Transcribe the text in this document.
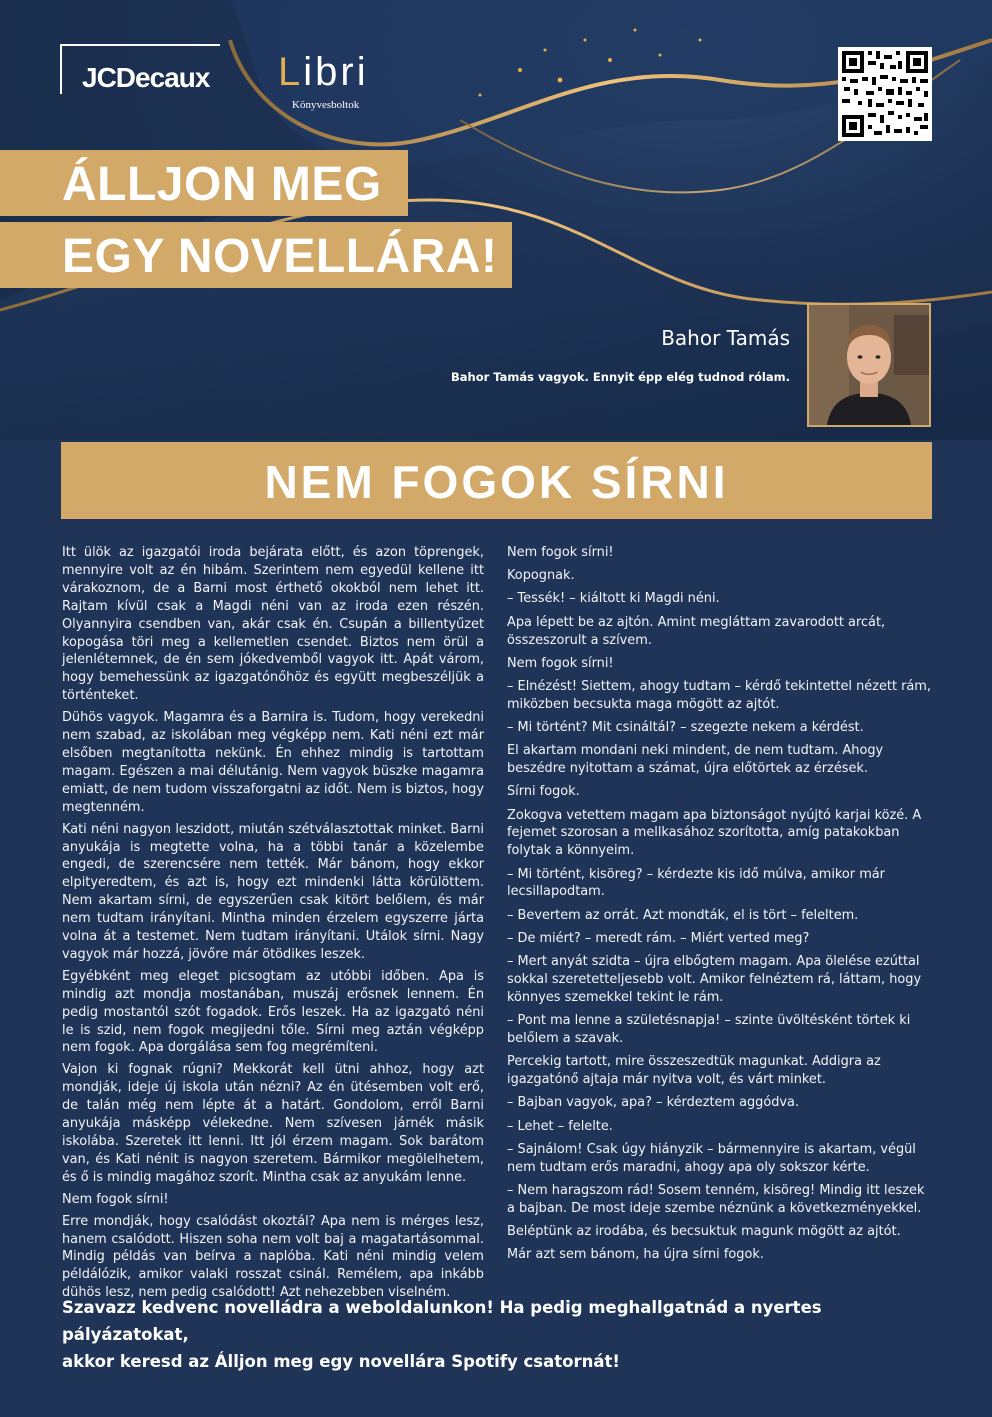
JCDecaux Libri
Könyvesboltok
ÁLLJON MEG
EGY NOVELLÁRA!
Bahor Tamás
Bahor Tamás vagyok. Ennyit épp elég tudnod rólam.
NEM FOGOK SÍRNI

Itt ülök az igazgatói iroda bejárata előtt, és azon töprengek, mennyire volt az én hibám. Szerintem nem egyedül kellene itt várakoznom, de a Barni most érthető okokból nem lehet itt. Rajtam kívül csak a Magdi néni van az iroda ezen részén. Olyannyira csendben van, akár csak én. Csupán a billentyűzet kopogása töri meg a kellemetlen csendet. Biztos nem örül a jelenlétemnek, de én sem jókedvemből vagyok itt. Apát várom, hogy bemehessünk az igazgatónőhöz és együtt megbeszéljük a történteket.

Dühös vagyok. Magamra és a Barnira is. Tudom, hogy verekedni nem szabad, az iskolában meg végképp nem. Kati néni ezt már elsőben megtanította nekünk. Én ehhez mindig is tartottam magam. Egészen a mai délutánig. Nem vagyok büszke magamra emiatt, de nem tudom visszaforgatni az időt. Nem is biztos, hogy megtenném.

Kati néni nagyon leszidott, miután szétválasztottak minket. Barni anyukája is megtette volna, ha a többi tanár a közelembe engedi, de szerencsére nem tették. Már bánom, hogy ekkor elpityeredtem, és azt is, hogy ezt mindenki látta körülöttem. Nem akartam sírni, de egyszerűen csak kitört belőlem, és már nem tudtam irányítani. Mintha minden érzelem egyszerre járta volna át a testemet. Nem tudtam irányítani. Utálok sírni. Nagy vagyok már hozzá, jövőre már ötödikes leszek.

Egyébként meg eleget picsogtam az utóbbi időben. Apa is mindig azt mondja mostanában, muszáj erősnek lennem. Én pedig mostantól szót fogadok. Erős leszek. Ha az igazgató néni le is szid, nem fogok megijedni tőle. Sírni meg aztán végképp nem fogok. Apa dorgálása sem fog megrémíteni.

Vajon ki fognak rúgni? Mekkorát kell ütni ahhoz, hogy azt mondják, ideje új iskola után nézni? Az én ütésemben volt erő, de talán még nem lépte át a határt. Gondolom, erről Barni anyukája másképp vélekedne. Nem szívesen járnék másik iskolába. Szeretek itt lenni. Itt jól érzem magam. Sok barátom van, és Kati nénit is nagyon szeretem. Bármikor megölelhetem, és ő is mindig magához szorít. Mintha csak az anyukám lenne.

Nem fogok sírni!

Erre mondják, hogy csalódást okoztál? Apa nem is mérges lesz, hanem csalódott. Hiszen soha nem volt baj a magatartásommal. Mindig példás van beírva a naplóba. Kati néni mindig velem példálózik, amikor valaki rosszat csinál. Remélem, apa inkább dühös lesz, nem pedig csalódott! Azt nehezebben viselném.

Nem fogok sírni!

Kopognak.

– Tessék! – kiáltott ki Magdi néni.

Apa lépett be az ajtón. Amint megláttam zavarodott arcát, összeszorult a szívem.

Nem fogok sírni!

– Elnézést! Siettem, ahogy tudtam – kérdő tekintettel nézett rám, miközben becsukta maga mögött az ajtót.

– Mi történt? Mit csináltál? – szegezte nekem a kérdést.

El akartam mondani neki mindent, de nem tudtam. Ahogy beszédre nyitottam a számat, újra előtörtek az érzések.

Sírni fogok.

Zokogva vetettem magam apa biztonságot nyújtó karjai közé. A fejemet szorosan a mellkasához szorította, amíg patakokban folytak a könnyeim.

– Mi történt, kisöreg? – kérdezte kis idő múlva, amikor már lecsillapodtam.

– Bevertem az orrát. Azt mondták, el is tört – feleltem.

– De miért? – meredt rám. – Miért verted meg?

– Mert anyát szidta – újra elbőgtem magam. Apa ölelése ezúttal sokkal szeretetteljesebb volt. Amikor felnéztem rá, láttam, hogy könnyes szemekkel tekint le rám.

– Pont ma lenne a születésnapja! – szinte üvöltésként törtek ki belőlem a szavak.

Percekig tartott, mire összeszedtük magunkat. Addigra az igazgatónő ajtaja már nyitva volt, és várt minket.

– Bajban vagyok, apa? – kérdeztem aggódva.

– Lehet – felelte.

– Sajnálom! Csak úgy hiányzik – bármennyire is akartam, végül nem tudtam erős maradni, ahogy apa oly sokszor kérte.

– Nem haragszom rád! Sosem tenném, kisöreg! Mindig itt leszek a bajban. De most ideje szembe néznünk a következményekkel.

Beléptünk az irodába, és becsuktuk magunk mögött az ajtót.

Már azt sem bánom, ha újra sírni fogok.

Szavazz kedvenc novelládra a weboldalunkon! Ha pedig meghallgatnád a nyertes pályázatokat,
akkor keresd az Álljon meg egy novellára Spotify csatornát!
